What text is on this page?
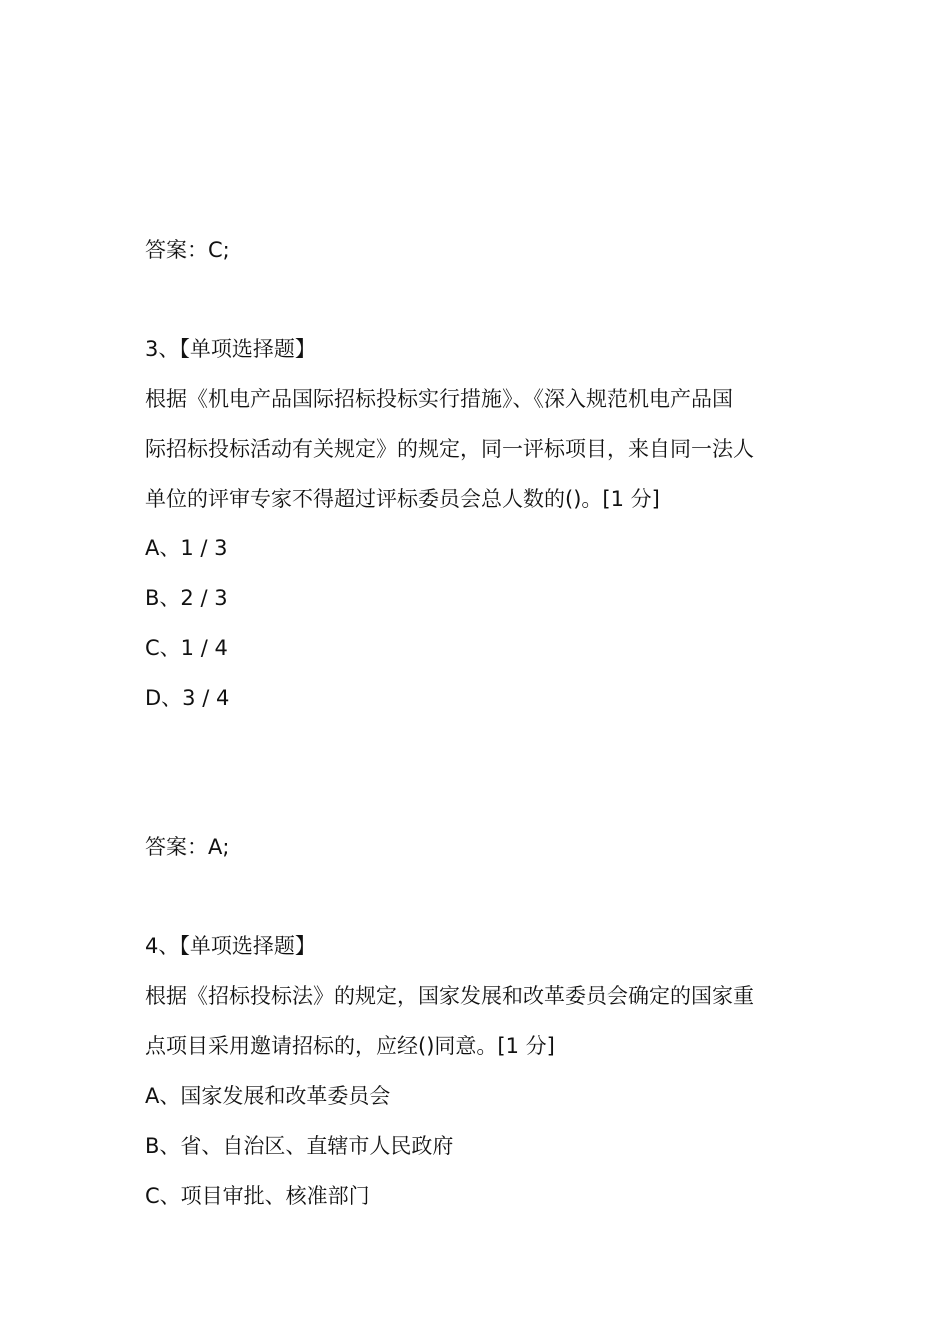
答案：C;
3、【单项选择题】
根据《机电产品国际招标投标实行措施》、《深入规范机电产品国
际招标投标活动有关规定》的规定，同一评标项目，来自同一法人
单位的评审专家不得超过评标委员会总人数的()。[1 分]
A、1 / 3
B、2 / 3
C、1 / 4
D、3 / 4
答案：A;
4、【单项选择题】
根据《招标投标法》的规定，国家发展和改革委员会确定的国家重
点项目采用邀请招标的，应经()同意。[1 分]
A、国家发展和改革委员会
B、省、自治区、直辖市人民政府
C、项目审批、核准部门
